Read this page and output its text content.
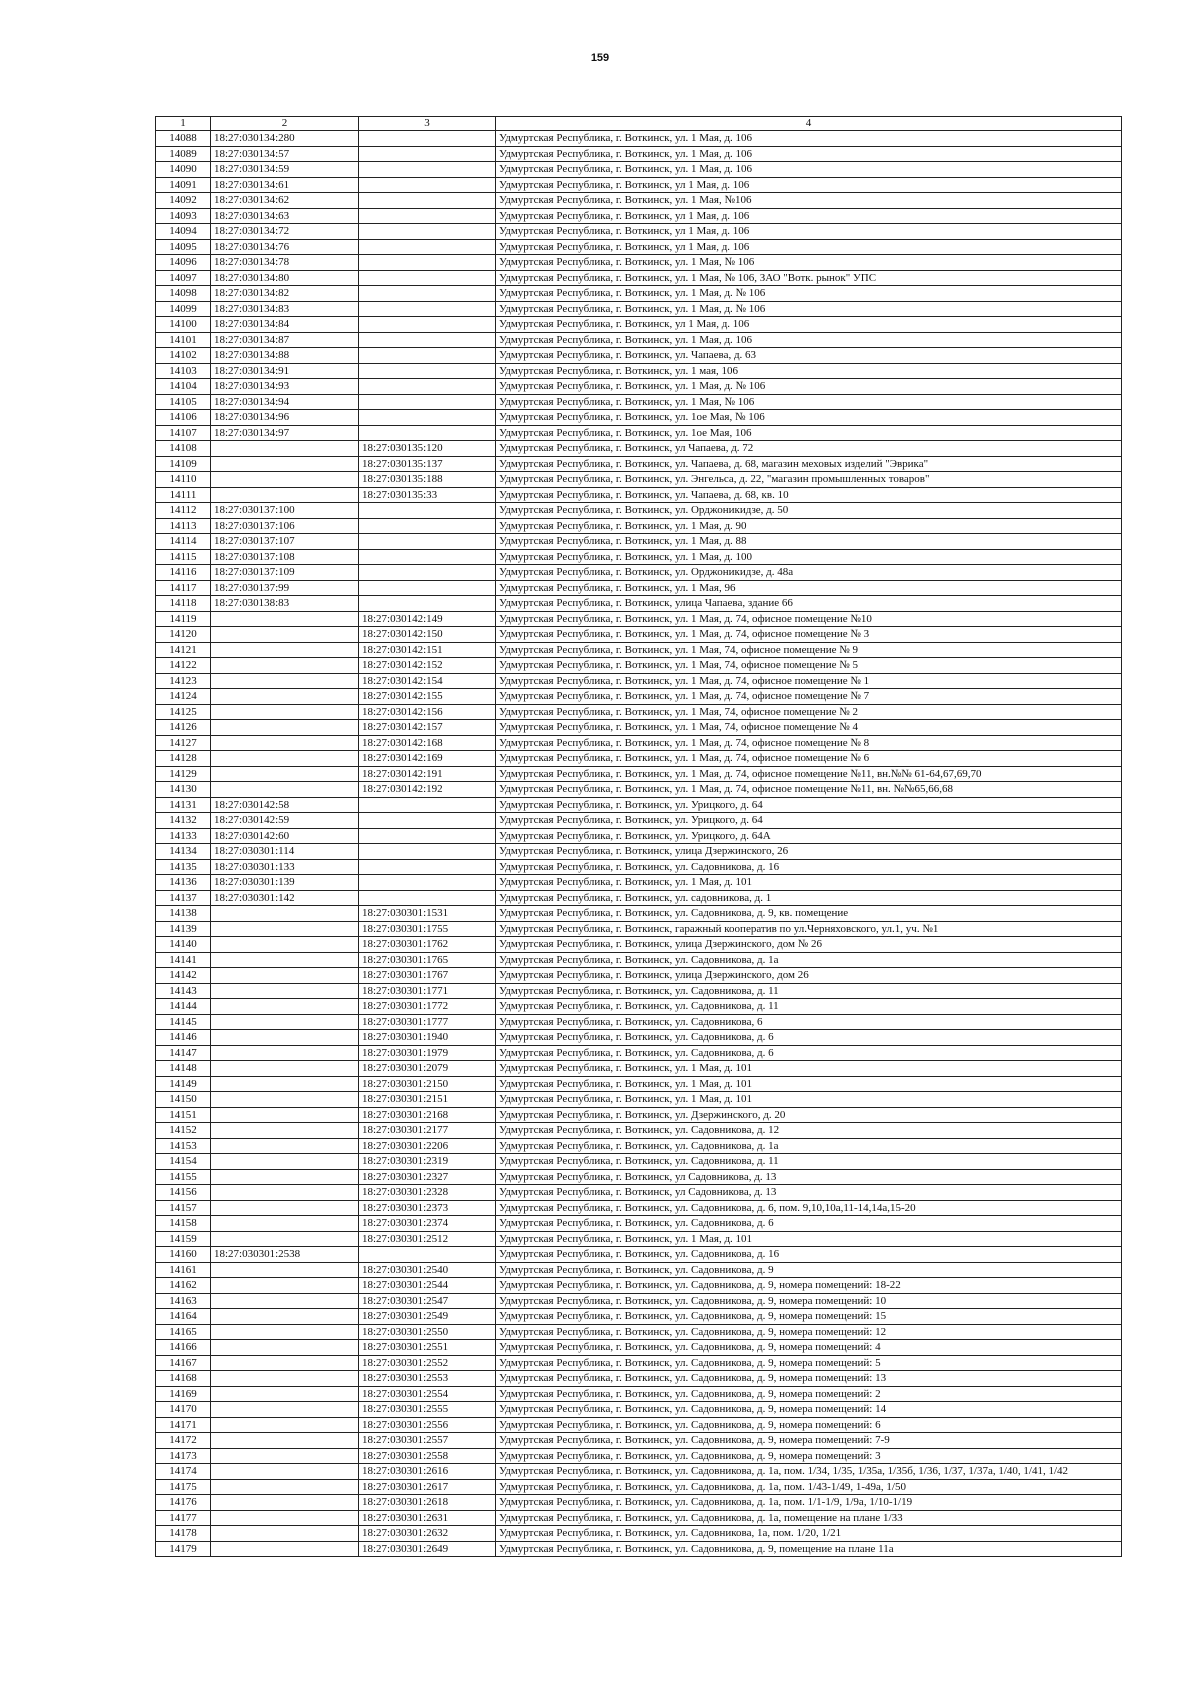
159
1	2	3	4
14088	18:27:030134:280		Удмуртская Республика, г. Воткинск, ул. 1 Мая, д. 106
14089	18:27:030134:57		Удмуртская Республика, г. Воткинск, ул. 1 Мая, д. 106
14090	18:27:030134:59		Удмуртская Республика, г. Воткинск, ул. 1 Мая, д. 106
14091	18:27:030134:61		Удмуртская Республика, г. Воткинск, ул 1 Мая, д. 106
14092	18:27:030134:62		Удмуртская Республика, г. Воткинск, ул. 1 Мая, №106
14093	18:27:030134:63		Удмуртская Республика, г. Воткинск, ул 1 Мая, д. 106
14094	18:27:030134:72		Удмуртская Республика, г. Воткинск, ул 1 Мая, д. 106
14095	18:27:030134:76		Удмуртская Республика, г. Воткинск, ул 1 Мая, д. 106
14096	18:27:030134:78		Удмуртская Республика, г. Воткинск, ул. 1 Мая, № 106
14097	18:27:030134:80		Удмуртская Республика, г. Воткинск, ул. 1 Мая, № 106, ЗАО "Вотк. рынок" УПС
14098	18:27:030134:82		Удмуртская Республика, г. Воткинск, ул. 1 Мая, д. № 106
14099	18:27:030134:83		Удмуртская Республика, г. Воткинск, ул. 1 Мая, д. № 106
14100	18:27:030134:84		Удмуртская Республика, г. Воткинск, ул 1 Мая, д. 106
14101	18:27:030134:87		Удмуртская Республика, г. Воткинск, ул. 1 Мая, д. 106
14102	18:27:030134:88		Удмуртская Республика, г. Воткинск, ул. Чапаева, д. 63
14103	18:27:030134:91		Удмуртская Республика, г. Воткинск, ул. 1 мая, 106
14104	18:27:030134:93		Удмуртская Республика, г. Воткинск, ул. 1 Мая, д. № 106
14105	18:27:030134:94		Удмуртская Республика, г. Воткинск, ул. 1 Мая, № 106
14106	18:27:030134:96		Удмуртская Республика, г. Воткинск, ул. 1ое Мая, № 106
14107	18:27:030134:97		Удмуртская Республика, г. Воткинск, ул. 1ое Мая, 106
14108		18:27:030135:120	Удмуртская Республика, г. Воткинск, ул Чапаева, д. 72
14109		18:27:030135:137	Удмуртская Республика, г. Воткинск, ул. Чапаева, д. 68, магазин меховых изделий "Эврика"
14110		18:27:030135:188	Удмуртская Республика, г. Воткинск, ул. Энгельса, д. 22, "магазин промышленных товаров"
14111		18:27:030135:33	Удмуртская Республика, г. Воткинск, ул. Чапаева, д. 68, кв. 10
14112	18:27:030137:100		Удмуртская Республика, г. Воткинск, ул. Орджоникидзе, д. 50
14113	18:27:030137:106		Удмуртская Республика, г. Воткинск, ул. 1 Мая, д. 90
14114	18:27:030137:107		Удмуртская Республика, г. Воткинск, ул. 1 Мая, д. 88
14115	18:27:030137:108		Удмуртская Республика, г. Воткинск, ул. 1 Мая, д. 100
14116	18:27:030137:109		Удмуртская Республика, г. Воткинск, ул. Орджоникидзе, д. 48а
14117	18:27:030137:99		Удмуртская Республика, г. Воткинск, ул. 1 Мая, 96
14118	18:27:030138:83		Удмуртская Республика, г. Воткинск, улица Чапаева, здание 66
14119		18:27:030142:149	Удмуртская Республика, г. Воткинск, ул. 1 Мая, д. 74, офисное помещение №10
14120		18:27:030142:150	Удмуртская Республика, г. Воткинск, ул. 1 Мая, д. 74, офисное помещение № 3
14121		18:27:030142:151	Удмуртская Республика, г. Воткинск, ул. 1 Мая, 74, офисное помещение № 9
14122		18:27:030142:152	Удмуртская Республика, г. Воткинск, ул. 1 Мая, 74, офисное помещение № 5
14123		18:27:030142:154	Удмуртская Республика, г. Воткинск, ул. 1 Мая, д. 74, офисное помещение № 1
14124		18:27:030142:155	Удмуртская Республика, г. Воткинск, ул. 1 Мая, д. 74, офисное помещение № 7
14125		18:27:030142:156	Удмуртская Республика, г. Воткинск, ул. 1 Мая, 74, офисное помещение № 2
14126		18:27:030142:157	Удмуртская Республика, г. Воткинск, ул. 1 Мая, 74, офисное помещение № 4
14127		18:27:030142:168	Удмуртская Республика, г. Воткинск, ул. 1 Мая, д. 74, офисное помещение № 8
14128		18:27:030142:169	Удмуртская Республика, г. Воткинск, ул. 1 Мая, д. 74, офисное помещение № 6
14129		18:27:030142:191	Удмуртская Республика, г. Воткинск, ул. 1 Мая, д. 74, офисное помещение №11, вн.№№ 61-64,67,69,70
14130		18:27:030142:192	Удмуртская Республика, г. Воткинск, ул. 1 Мая, д. 74, офисное помещение №11, вн. №№65,66,68
14131	18:27:030142:58		Удмуртская Республика, г. Воткинск, ул. Урицкого, д. 64
14132	18:27:030142:59		Удмуртская Республика, г. Воткинск, ул. Урицкого, д. 64
14133	18:27:030142:60		Удмуртская Республика, г. Воткинск, ул. Урицкого, д. 64А
14134	18:27:030301:114		Удмуртская Республика, г. Воткинск, улица Дзержинского, 26
14135	18:27:030301:133		Удмуртская Республика, г. Воткинск, ул. Садовникова, д. 16
14136	18:27:030301:139		Удмуртская Республика, г. Воткинск, ул. 1 Мая, д. 101
14137	18:27:030301:142		Удмуртская Республика, г. Воткинск, ул. садовникова, д. 1
14138		18:27:030301:1531	Удмуртская Республика, г. Воткинск, ул. Садовникова, д. 9, кв. помещение
14139		18:27:030301:1755	Удмуртская Республика, г. Воткинск, гаражный кооператив по ул.Черняховского, ул.1, уч. №1
14140		18:27:030301:1762	Удмуртская Республика, г. Воткинск, улица Дзержинского, дом № 26
14141		18:27:030301:1765	Удмуртская Республика, г. Воткинск, ул. Садовникова, д. 1а
14142		18:27:030301:1767	Удмуртская Республика, г. Воткинск, улица Дзержинского, дом 26
14143		18:27:030301:1771	Удмуртская Республика, г. Воткинск, ул. Садовникова, д. 11
14144		18:27:030301:1772	Удмуртская Республика, г. Воткинск, ул. Садовникова, д. 11
14145		18:27:030301:1777	Удмуртская Республика, г. Воткинск, ул. Садовникова, 6
14146		18:27:030301:1940	Удмуртская Республика, г. Воткинск, ул. Садовникова, д. 6
14147		18:27:030301:1979	Удмуртская Республика, г. Воткинск, ул. Садовникова, д. 6
14148		18:27:030301:2079	Удмуртская Республика, г. Воткинск, ул. 1 Мая, д. 101
14149		18:27:030301:2150	Удмуртская Республика, г. Воткинск, ул. 1 Мая, д. 101
14150		18:27:030301:2151	Удмуртская Республика, г. Воткинск, ул. 1 Мая, д. 101
14151		18:27:030301:2168	Удмуртская Республика, г. Воткинск, ул. Дзержинского, д. 20
14152		18:27:030301:2177	Удмуртская Республика, г. Воткинск, ул. Садовникова, д. 12
14153		18:27:030301:2206	Удмуртская Республика, г. Воткинск, ул. Садовникова, д. 1а
14154		18:27:030301:2319	Удмуртская Республика, г. Воткинск, ул. Садовникова, д. 11
14155		18:27:030301:2327	Удмуртская Республика, г. Воткинск, ул Садовникова, д. 13
14156		18:27:030301:2328	Удмуртская Республика, г. Воткинск, ул Садовникова, д. 13
14157		18:27:030301:2373	Удмуртская Республика, г. Воткинск, ул. Садовникова, д. 6, пом. 9,10,10а,11-14,14а,15-20
14158		18:27:030301:2374	Удмуртская Республика, г. Воткинск, ул. Садовникова, д. 6
14159		18:27:030301:2512	Удмуртская Республика, г. Воткинск, ул. 1 Мая, д. 101
14160	18:27:030301:2538		Удмуртская Республика, г. Воткинск, ул. Садовникова, д. 16
14161		18:27:030301:2540	Удмуртская Республика, г. Воткинск, ул. Садовникова, д. 9
14162		18:27:030301:2544	Удмуртская Республика, г. Воткинск, ул. Садовникова, д. 9, номера помещений: 18-22
14163		18:27:030301:2547	Удмуртская Республика, г. Воткинск, ул. Садовникова, д. 9, номера помещений: 10
14164		18:27:030301:2549	Удмуртская Республика, г. Воткинск, ул. Садовникова, д. 9, номера помещений: 15
14165		18:27:030301:2550	Удмуртская Республика, г. Воткинск, ул. Садовникова, д. 9, номера помещений: 12
14166		18:27:030301:2551	Удмуртская Республика, г. Воткинск, ул. Садовникова, д. 9, номера помещений: 4
14167		18:27:030301:2552	Удмуртская Республика, г. Воткинск, ул. Садовникова, д. 9, номера помещений: 5
14168		18:27:030301:2553	Удмуртская Республика, г. Воткинск, ул. Садовникова, д. 9, номера помещений: 13
14169		18:27:030301:2554	Удмуртская Республика, г. Воткинск, ул. Садовникова, д. 9, номера помещений: 2
14170		18:27:030301:2555	Удмуртская Республика, г. Воткинск, ул. Садовникова, д. 9, номера помещений: 14
14171		18:27:030301:2556	Удмуртская Республика, г. Воткинск, ул. Садовникова, д. 9, номера помещений: 6
14172		18:27:030301:2557	Удмуртская Республика, г. Воткинск, ул. Садовникова, д. 9, номера помещений: 7-9
14173		18:27:030301:2558	Удмуртская Республика, г. Воткинск, ул. Садовникова, д. 9, номера помещений: 3
14174		18:27:030301:2616	Удмуртская Республика, г. Воткинск, ул. Садовникова, д. 1а, пом. 1/34, 1/35, 1/35а, 1/35б, 1/36, 1/37, 1/37а, 1/40, 1/41, 1/42
14175		18:27:030301:2617	Удмуртская Республика, г. Воткинск, ул. Садовникова, д. 1а, пом. 1/43-1/49, 1-49а, 1/50
14176		18:27:030301:2618	Удмуртская Республика, г. Воткинск, ул. Садовникова, д. 1а, пом. 1/1-1/9, 1/9а, 1/10-1/19
14177		18:27:030301:2631	Удмуртская Республика, г. Воткинск, ул. Садовникова, д. 1а, помещение на плане 1/33
14178		18:27:030301:2632	Удмуртская Республика, г. Воткинск, ул. Садовникова, 1а, пом. 1/20, 1/21
14179		18:27:030301:2649	Удмуртская Республика, г. Воткинск, ул. Садовникова, д. 9, помещение на плане 11а
